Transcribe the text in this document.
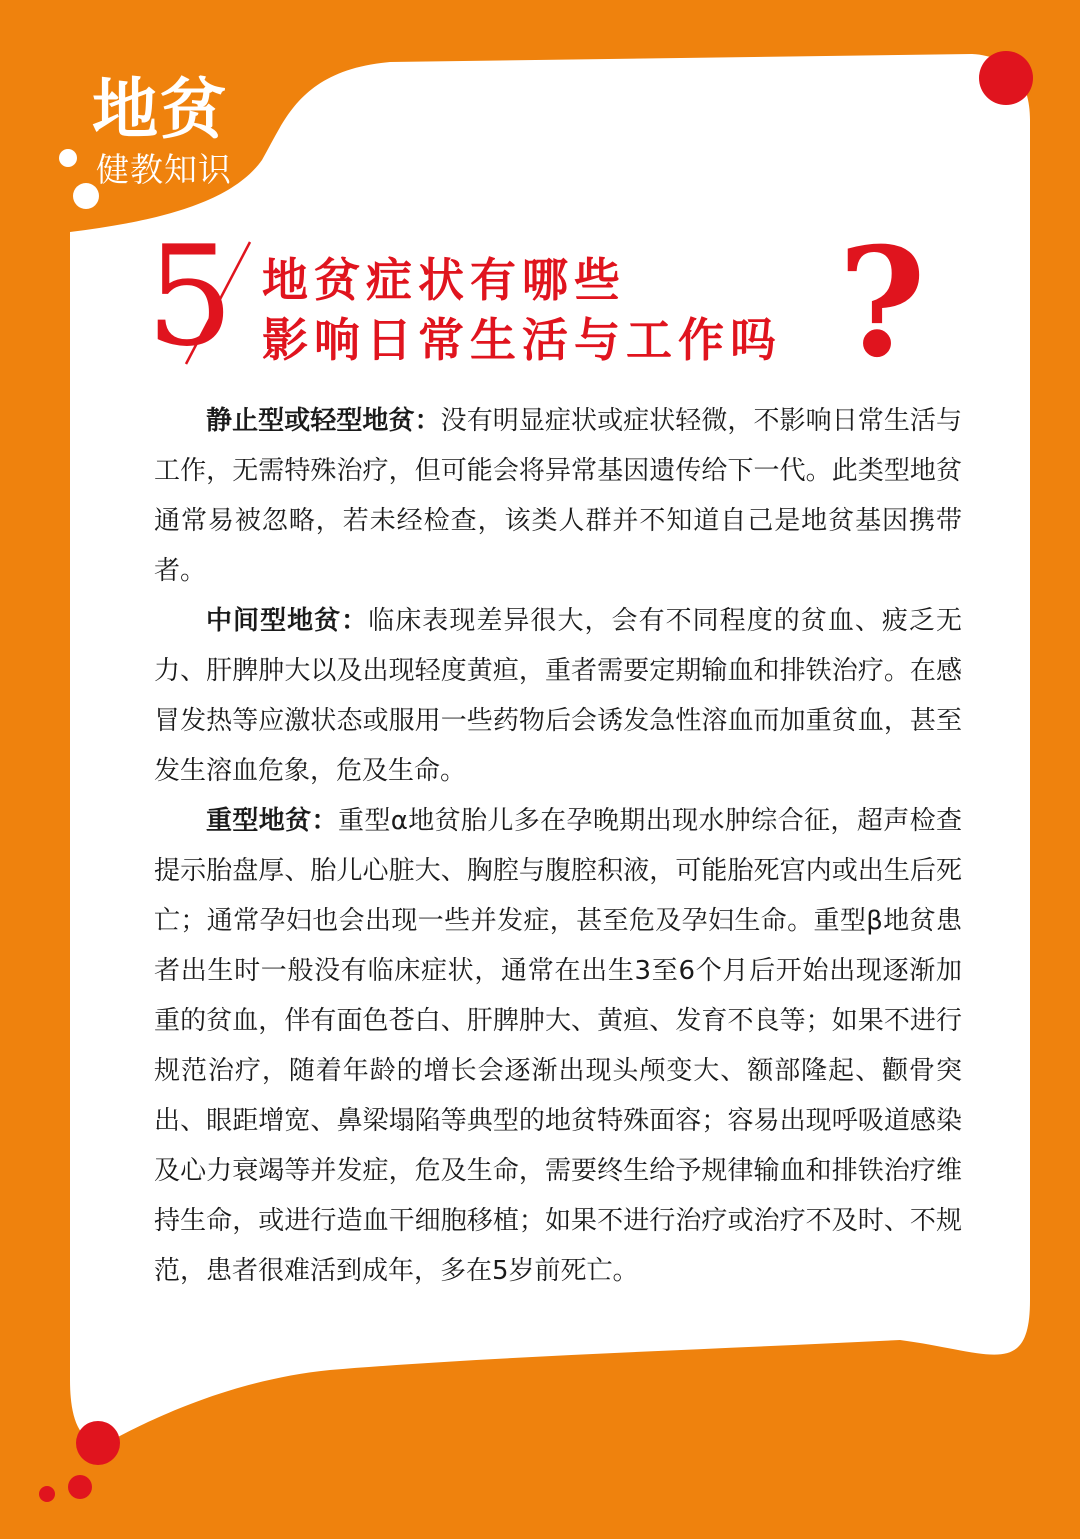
地贫
健教知识
5 地贫症状有哪些
影响日常生活与工作吗 ?

静止型或轻型地贫：没有明显症状或症状轻微，不影响日常生活与工作，无需特殊治疗，但可能会将异常基因遗传给下一代。此类型地贫通常易被忽略，若未经检查，该类人群并不知道自己是地贫基因携带者。

中间型地贫：临床表现差异很大，会有不同程度的贫血、疲乏无力、肝脾肿大以及出现轻度黄疸，重者需要定期输血和排铁治疗。在感冒发热等应激状态或服用一些药物后会诱发急性溶血而加重贫血，甚至发生溶血危象，危及生命。

重型地贫：重型α地贫胎儿多在孕晚期出现水肿综合征，超声检查提示胎盘厚、胎儿心脏大、胸腔与腹腔积液，可能胎死宫内或出生后死亡；通常孕妇也会出现一些并发症，甚至危及孕妇生命。重型β地贫患者出生时一般没有临床症状，通常在出生3至6个月后开始出现逐渐加重的贫血，伴有面色苍白、肝脾肿大、黄疸、发育不良等；如果不进行规范治疗，随着年龄的增长会逐渐出现头颅变大、额部隆起、颧骨突出、眼距增宽、鼻梁塌陷等典型的地贫特殊面容；容易出现呼吸道感染及心力衰竭等并发症，危及生命，需要终生给予规律输血和排铁治疗维持生命，或进行造血干细胞移植；如果不进行治疗或治疗不及时、不规范，患者很难活到成年，多在5岁前死亡。
